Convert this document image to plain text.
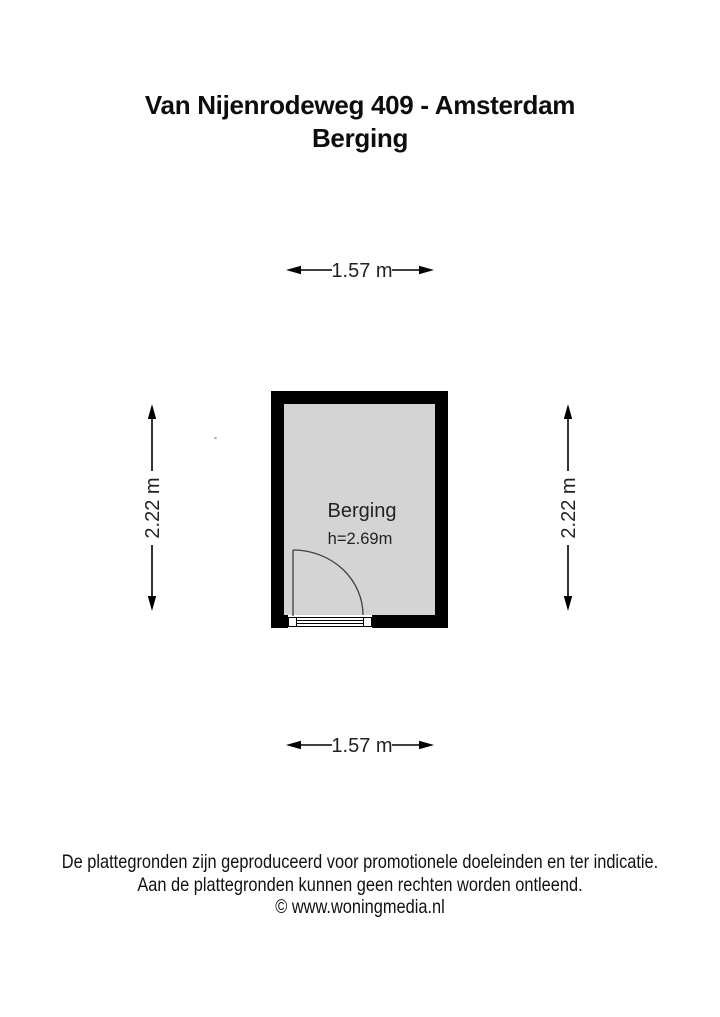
Van Nijenrodeweg 409 - Amsterdam
Berging
1.57 m
2.22 m	2.22 m
Berging
h=2.69m
1.57 m
De plattegronden zijn geproduceerd voor promotionele doeleinden en ter indicatie.
Aan de plattegronden kunnen geen rechten worden ontleend.
© www.woningmedia.nl
